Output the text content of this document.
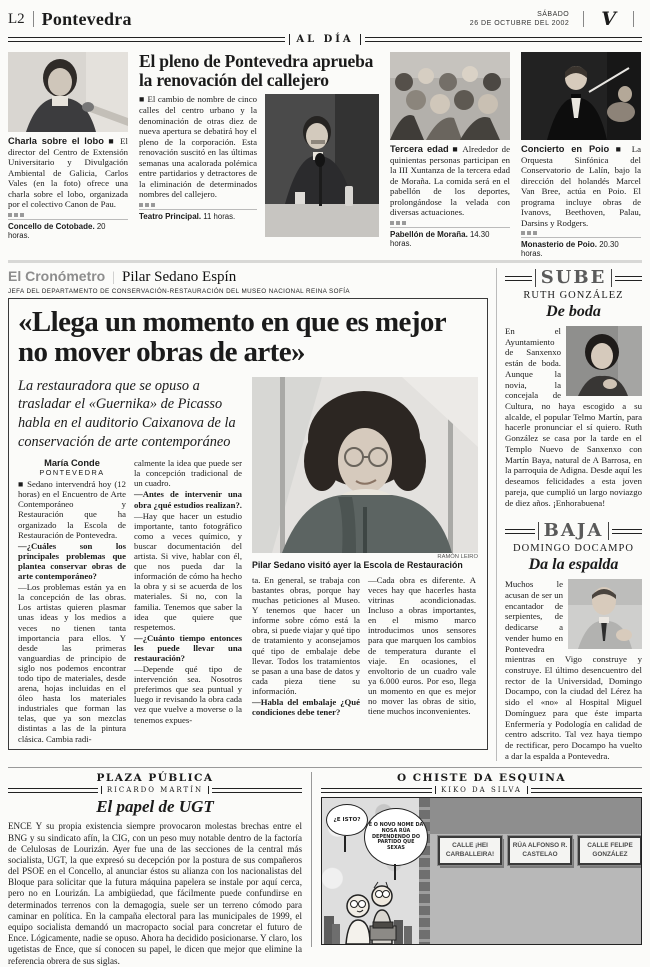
L2 Pontevedra	SÁBADO
26 DE OCTUBRE DEL 2002 V
AL DÍA

Charla sobre el lobo ■ El director del Centro de Extensión Universitario y Divulgación Ambiental de Galicia, Carlos Vales (en la foto) ofrece una charla sobre el lobo, organizada por el colectivo Canon de Pau.

Concello de Cotobade. 20 horas.
El pleno de Pontevedra aprueba la renovación del callejero

■ El cambio de nombre de cinco calles del centro urbano y la denominación de otras diez de nueva apertura se debatirá hoy el pleno de la corporación. Esta renovación suscitó en las últimas semanas una acalorada polémica entre partidarios y detractores de la eliminación de determinados nombres del callejero.

Teatro Principal. 11 horas.

Tercera edad ■ Alrededor de quinientas personas participan en la III Xuntanza de la tercera edad de Moraña. La comida será en el pabellón de los deportes, prolongándose la velada con diversas actuaciones.

Pabellón de Moraña. 14.30 horas.

Concierto en Poio ■ La Orquesta Sinfónica del Conservatorio de Lalín, bajo la dirección del holandés Marcel Van Bree, actúa en Poio. El programa incluye obras de Ivanovs, Beethoven, Palau, Darsins y Rodgers.

Monasterio de Poio. 20.30 horas.
El Cronómetro | Pilar Sedano Espín
JEFA DEL DEPARTAMENTO DE CONSERVACIÓN-RESTAURACIÓN DEL MUSEO NACIONAL REINA SOFÍA
«Llega un momento en que es mejor no mover obras de arte»

La restauradora que se opuso a trasladar el «Guernika» de Picasso habla en el auditorio Caixanova de la conservación de arte contemporáneo

María Conde
PONTEVEDRA

■ Sedano intervendrá hoy (12 horas) en el Encuentro de Arte Contemporáneo y Restauración que ha organizado la Escola de Restauración de Pontevedra.

—¿Cuáles son los principales problemas que plantea conservar obras de arte contemporáneo?

—Los problemas están ya en la concepción de las obras. Los artistas quieren plasmar unas ideas y los medios a veces no tienen tanta importancia para ellos. Y desde las primeras vanguardias de principio de siglo nos podemos encontrar todo tipo de materiales, desde arena, hojas incluidas en el óleo hasta los materiales industriales que forman las telas, que ya son mezclas distintas a las de la pintura clásica. Cambia radi-

calmente la idea que puede ser la concepción tradicional de un cuadro.

—Antes de intervenir una obra ¿qué estudios realizan?.

—Hay que hacer un estudio importante, tanto fotográfico como a veces químico, y buscar documentación del artista. Si vive, hablar con él, que nos pueda dar la información de cómo ha hecho la obra y si se acuerda de los materiales. Si no, con la familia. Tenemos que saber la idea que quiere que respetemos.

—¿Cuánto tiempo entonces les puede llevar una restauración?

—Depende qué tipo de intervención sea. Nosotros preferimos que sea puntual y luego ir revisando la obra cada vez que vuelve a moverse o la tenemos expues-

RAMÓN LEIRO
Pilar Sedano visitó ayer la Escola de Restauración

ta. En general, se trabaja con bastantes obras, porque hay muchas peticiones al Museo. Y tenemos que hacer un informe sobre cómo está la obra, si puede viajar y qué tipo de tratamiento y aconsejamos qué tipo de embalaje debe llevar. Todos los tratamientos se pasan a una base de datos y cada pieza tiene su información.

—Habla del embalaje ¿Qué condiciones debe tener?

—Cada obra es diferente. A veces hay que hacerles hasta vitrinas acondicionadas. Incluso a obras importantes, en el mismo marco introducimos unos sensores para que marquen los cambios de temperatura durante el viaje. En ocasiones, el envoltorio de un cuadro vale ya 6.000 euros. Por eso, llega un momento en que es mejor no mover las obras de sitio, tiene muchos inconvenientes.

SUBE
RUTH GONZÁLEZ
De boda
En el Ayuntamiento de Sanxenxo están de boda. Aunque la novia, la concejala de Cultura, no haya escogido a su alcalde, el popular Telmo Martín, para hacerle pronunciar el sí quiero. Ruth González se casa por la tarde en el Templo Nuevo de Sanxenxo con Martín Baya, natural de A Barrosa, en la parroquia de Adigna. Desde aquí les deseamos felicidades a esta joven pareja, que cumplió un largo noviazgo de diez años. ¡Enhorabuena!
BAJA
DOMINGO DOCAMPO
Da la espalda
Muchos le acusan de ser un encantador de serpientes, de dedicarse a vender humo en Pontevedra mientras en Vigo construye y construye. El último desencuentro del rector de la Universidad, Domingo Docampo, con la ciudad del Lérez ha sido el «no» al Hospital Miguel Domínguez para que éste imparta Enfermería y Podología en calidad de centro adscrito. Tal vez haya tiempo de rectificar, pero Docampo ha vuelto a dar la espalda a Pontevedra.
PLAZA PÚBLICA
RICARDO MARTÍN
El papel de UGT

ENCE Y su propia existencia siempre provocaron molestas brechas entre el BNG y su sindicato afín, la CIG, con un peso muy notable dentro de la factoría de Celulosas de Lourizán. Ayer fue una de las secciones de la central más socialista, UGT, la que expresó su decepción por la postura de sus compañeros del PSOE en el Concello, al anunciar éstos su alianza con los nacionalistas del Bloque para solicitar que la futura máquina papelera se instale por aquí cerca, pero no en Lourizán. La ambigüedad, que fácilmente puede confundirse en determinados terrenos con la demagogia, suele ser un terreno cómodo para caminar en política. En la campaña electoral para las municipales de 1999, el equipo socialista demandó un macropacto social para concretar el futuro de Ence. Lógicamente, nadie se opuso. Ahora ha decidido posicionarse. Y claro, los ugetistas de Ence, que sí conocen su papel, le dicen que mejor que elimine la referencia obrera de sus siglas.

O CHISTE DA ESQUINA
KIKO DA SILVA
CALLE ¡HEI CARBALLEIRA!
RÚA ALFONSO R. CASTELAO
CALLE FELIPE GONZÁLEZ
¿E ISTO?
É O NOVO NOME DA NOSA RÚA DEPENDENDO DO PARTIDO QUE SEXAS
